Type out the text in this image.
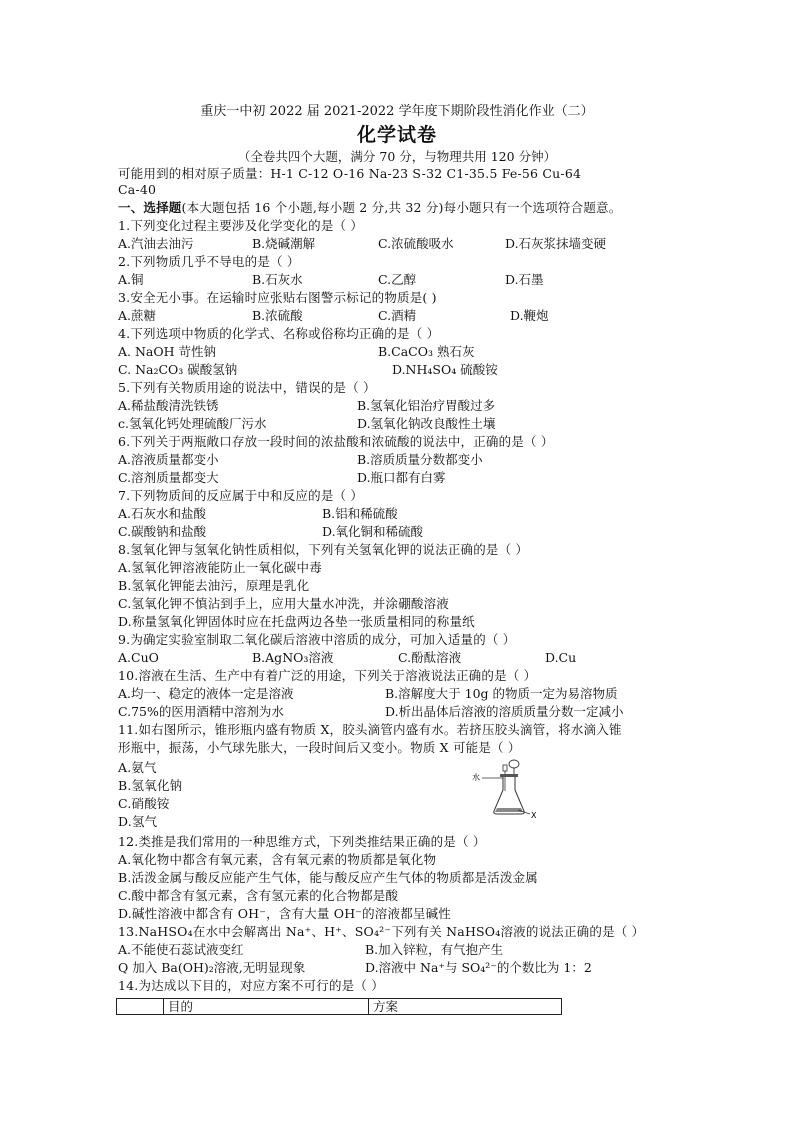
重庆一中初 2022 届 2021-2022 学年度下期阶段性消化作业（二）
化学试卷
（全卷共四个大题，满分 70 分，与物理共用 120 分钟）
可能用到的相对原子质量：H-1 C-12 O-16 Na-23 S-32 C1-35.5 Fe-56 Cu-64
Ca-40
一、选择题(本大题包括 16 个小题,每小题 2 分,共 32 分)每小题只有一个选项符合题意。
1.下列变化过程主要涉及化学变化的是（ ）
A.汽油去油污	B.烧碱潮解	C.浓硫酸吸水	D.石灰浆抹墙变硬
2.下列物质几乎不导电的是（ ）
A.铜	B.石灰水	C.乙醇	D.石墨
3.安全无小事。在运输时应张贴右图警示标记的物质是( )
A.蔗糖	B.浓硫酸	C.酒精	D.鞭炮
4.下列选项中物质的化学式、名称或俗称均正确的是（ ）
A. NaOH 苛性钠	B.CaCO₃ 熟石灰
C. Na₂CO₃ 碳酸氢钠	D.NH₄SO₄ 硫酸铵
5.下列有关物质用途的说法中，错误的是（ ）
A.稀盐酸清洗铁锈	B.氢氧化铝治疗胃酸过多
c.氢氧化钙处理硫酸厂污水	D.氢氧化钠改良酸性土壤
6.下列关于两瓶敞口存放一段时间的浓盐酸和浓硫酸的说法中，正确的是（ ）
A.溶液质量都变小	B.溶质质量分数都变小
C.溶剂质量都变大	D.瓶口都有白雾
7.下列物质间的反应属于中和反应的是（ ）
A.石灰水和盐酸	B.铝和稀硫酸
C.碳酸钠和盐酸	D.氧化铜和稀硫酸
8.氢氧化钾与氢氧化钠性质相似，下列有关氢氧化钾的说法正确的是（ ）
A.氢氧化钾溶液能防止一氧化碳中毒
B.氢氧化钾能去油污，原理是乳化
C.氢氧化钾不慎沾到手上，应用大量水冲洗，并涂硼酸溶液
D.称量氢氧化钾固体时应在托盘两边各垫一张质量相同的称量纸
9.为确定实验室制取二氧化碳后溶液中溶质的成分，可加入适量的（ ）
A.CuO	B.AgNO₃溶液	C.酚酞溶液	D.Cu
10.溶液在生活、生产中有着广泛的用途，下列关于溶液说法正确的是（ ）
A.均一、稳定的液体一定是溶液	B.溶解度大于 10g 的物质一定为易溶物质
C.75%的医用酒精中溶剂为水	D.析出晶体后溶液的溶质质量分数一定减小
11.如右图所示，锥形瓶内盛有物质 X，胶头滴管内盛有水。若挤压胶头滴管，将水滴入锥
形瓶中，振荡，小气球先胀大，一段时间后又变小。物质 X 可能是（ ）
A.氨气
B.氢氧化钠
C.硝酸铵
D.氢气
水
X
12.类推是我们常用的一种思维方式，下列类推结果正确的是（ ）
A.氧化物中都含有氧元素，含有氧元素的物质都是氧化物
B.活泼金属与酸反应能产生气体，能与酸反应产生气体的物质都是活泼金属
C.酸中都含有氢元素，含有氢元素的化合物都是酸
D.碱性溶液中都含有 OH⁻，含有大量 OH⁻的溶液都呈碱性
13.NaHSO₄在水中会解离出 Na⁺、H⁺、SO₄²⁻下列有关 NaHSO₄溶液的说法正确的是（ ）
A.不能使石蕊试液变红	B.加入锌粒，有气抱产生
Q 加入 Ba(OH)₂溶液,无明显现象	D.溶液中 Na⁺与 SO₄²⁻的个数比为 1：2
14.为达成以下目的，对应方案不可行的是（ ）
	目的	方案
